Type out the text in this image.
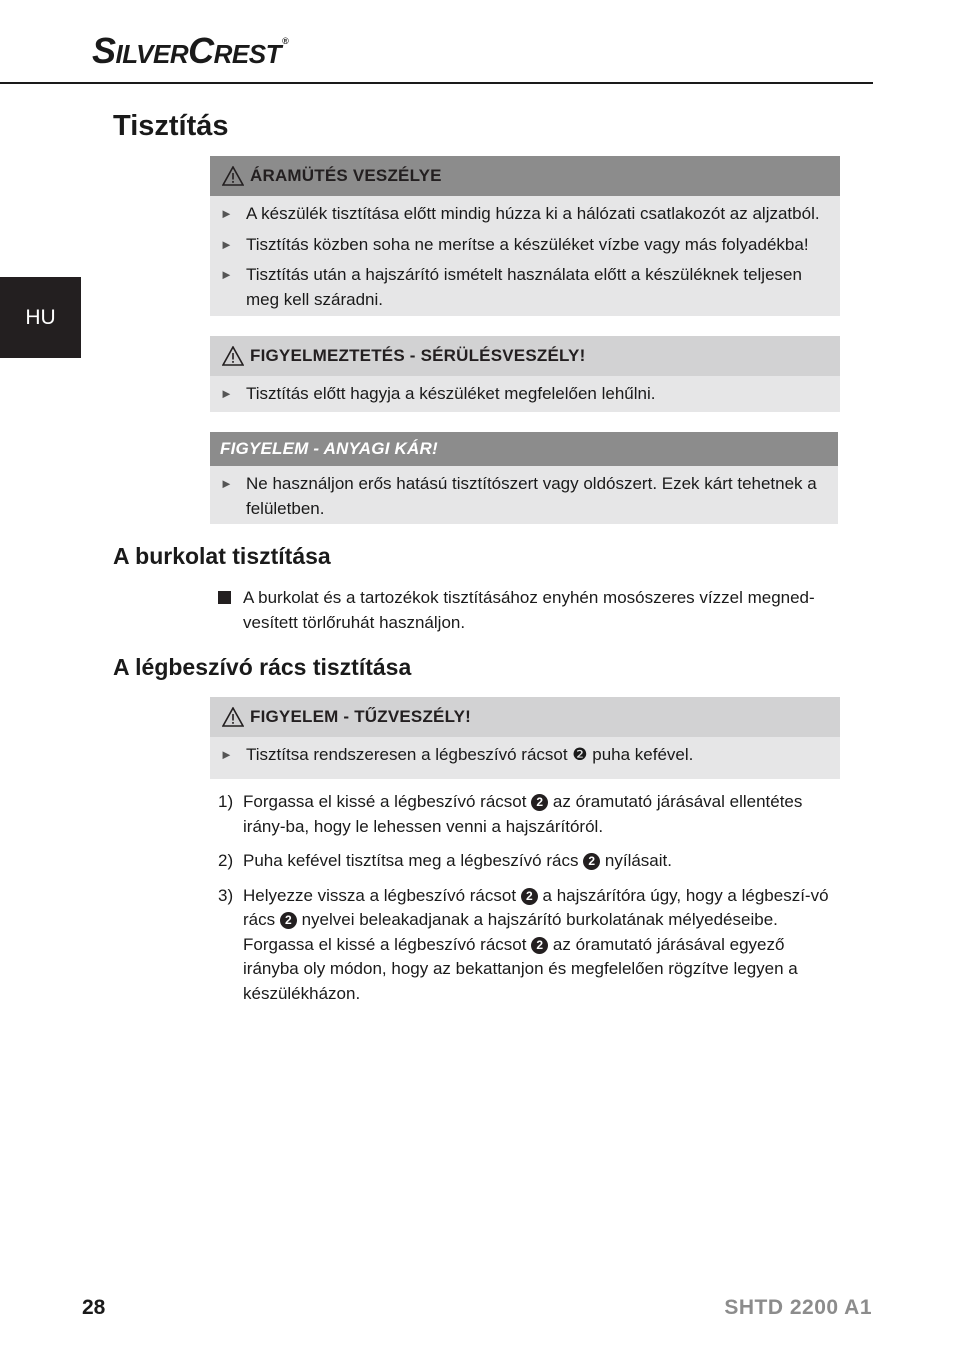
SILVERCREST®
HU
Tisztítás
ÁRAMÜTÉS VESZÉLYE
► A készülék tisztítása előtt mindig húzza ki a hálózati csatlakozót az aljzatból.
► Tisztítás közben soha ne merítse a készüléket vízbe vagy más folyadékba!
► Tisztítás után a hajszárító ismételt használata előtt a készüléknek teljesen meg kell száradni.
FIGYELMEZTETÉS - SÉRÜLÉSVESZÉLY!
► Tisztítás előtt hagyja a készüléket megfelelően lehűlni.
FIGYELEM - ANYAGI KÁR!
► Ne használjon erős hatású tisztítószert vagy oldószert. Ezek kárt tehetnek a felületben.
A burkolat tisztítása
A burkolat és a tartozékok tisztításához enyhén mosószeres vízzel megned-vesített törlőruhát használjon.
A légbeszívó rács tisztítása
FIGYELEM - TŰZVESZÉLY!
► Tisztítsa rendszeresen a légbeszívó rácsot ❷ puha kefével.
1) Forgassa el kissé a légbeszívó rácsot 2 az óramutató járásával ellentétes irány-ba, hogy le lehessen venni a hajszárítóról.
2) Puha kefével tisztítsa meg a légbeszívó rács 2 nyílásait.
3) Helyezze vissza a légbeszívó rácsot 2 a hajszárítóra úgy, hogy a légbeszí-vó rács 2 nyelvei beleakadjanak a hajszárító burkolatának mélyedéseibe. Forgassa el kissé a légbeszívó rácsot 2 az óramutató járásával egyező irányba oly módon, hogy az bekattanjon és megfelelően rögzítve legyen a készülékházon.
28	SHTD 2200 A1
